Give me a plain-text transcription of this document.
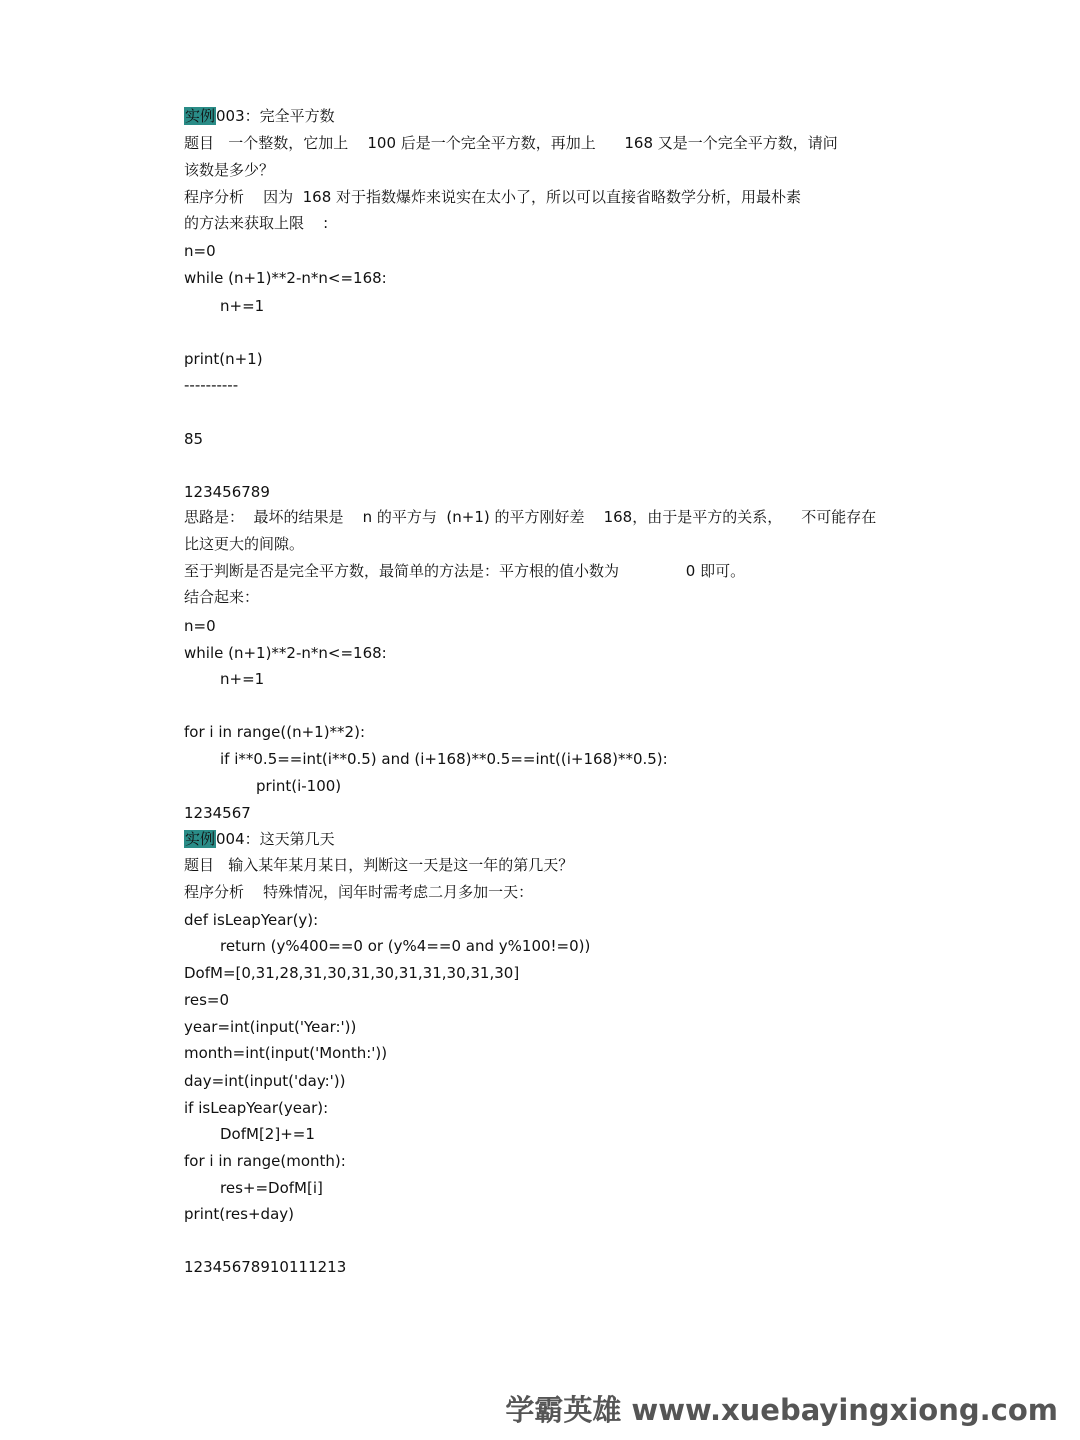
实例003：完全平方数
题目   一个整数，它加上    100 后是一个完全平方数，再加上      168 又是一个完全平方数，请问
该数是多少？
程序分析    因为  168 对于指数爆炸来说实在太小了，所以可以直接省略数学分析，用最朴素
的方法来获取上限    :
n=0
while (n+1)**2-n*n<=168:
n+=1
print(n+1)
----------
85
123456789
思路是：  最坏的结果是    n 的平方与  (n+1) 的平方刚好差    168，由于是平方的关系，    不可能存在
比这更大的间隙。
至于判断是否是完全平方数，最简单的方法是：平方根的值小数为              0 即可。
结合起来：
n=0
while (n+1)**2-n*n<=168:
n+=1
for i in range((n+1)**2):
if i**0.5==int(i**0.5) and (i+168)**0.5==int((i+168)**0.5):
print(i-100)
1234567
实例004：这天第几天
题目   输入某年某月某日，判断这一天是这一年的第几天？
程序分析    特殊情况，闰年时需考虑二月多加一天：
def isLeapYear(y):
return (y%400==0 or (y%4==0 and y%100!=0))
DofM=[0,31,28,31,30,31,30,31,31,30,31,30]
res=0
year=int(input('Year:'))
month=int(input('Month:'))
day=int(input('day:'))
if isLeapYear(year):
DofM[2]+=1
for i in range(month):
res+=DofM[i]
print(res+day)
12345678910111213
学霸英雄 www.xuebayingxiong.com
